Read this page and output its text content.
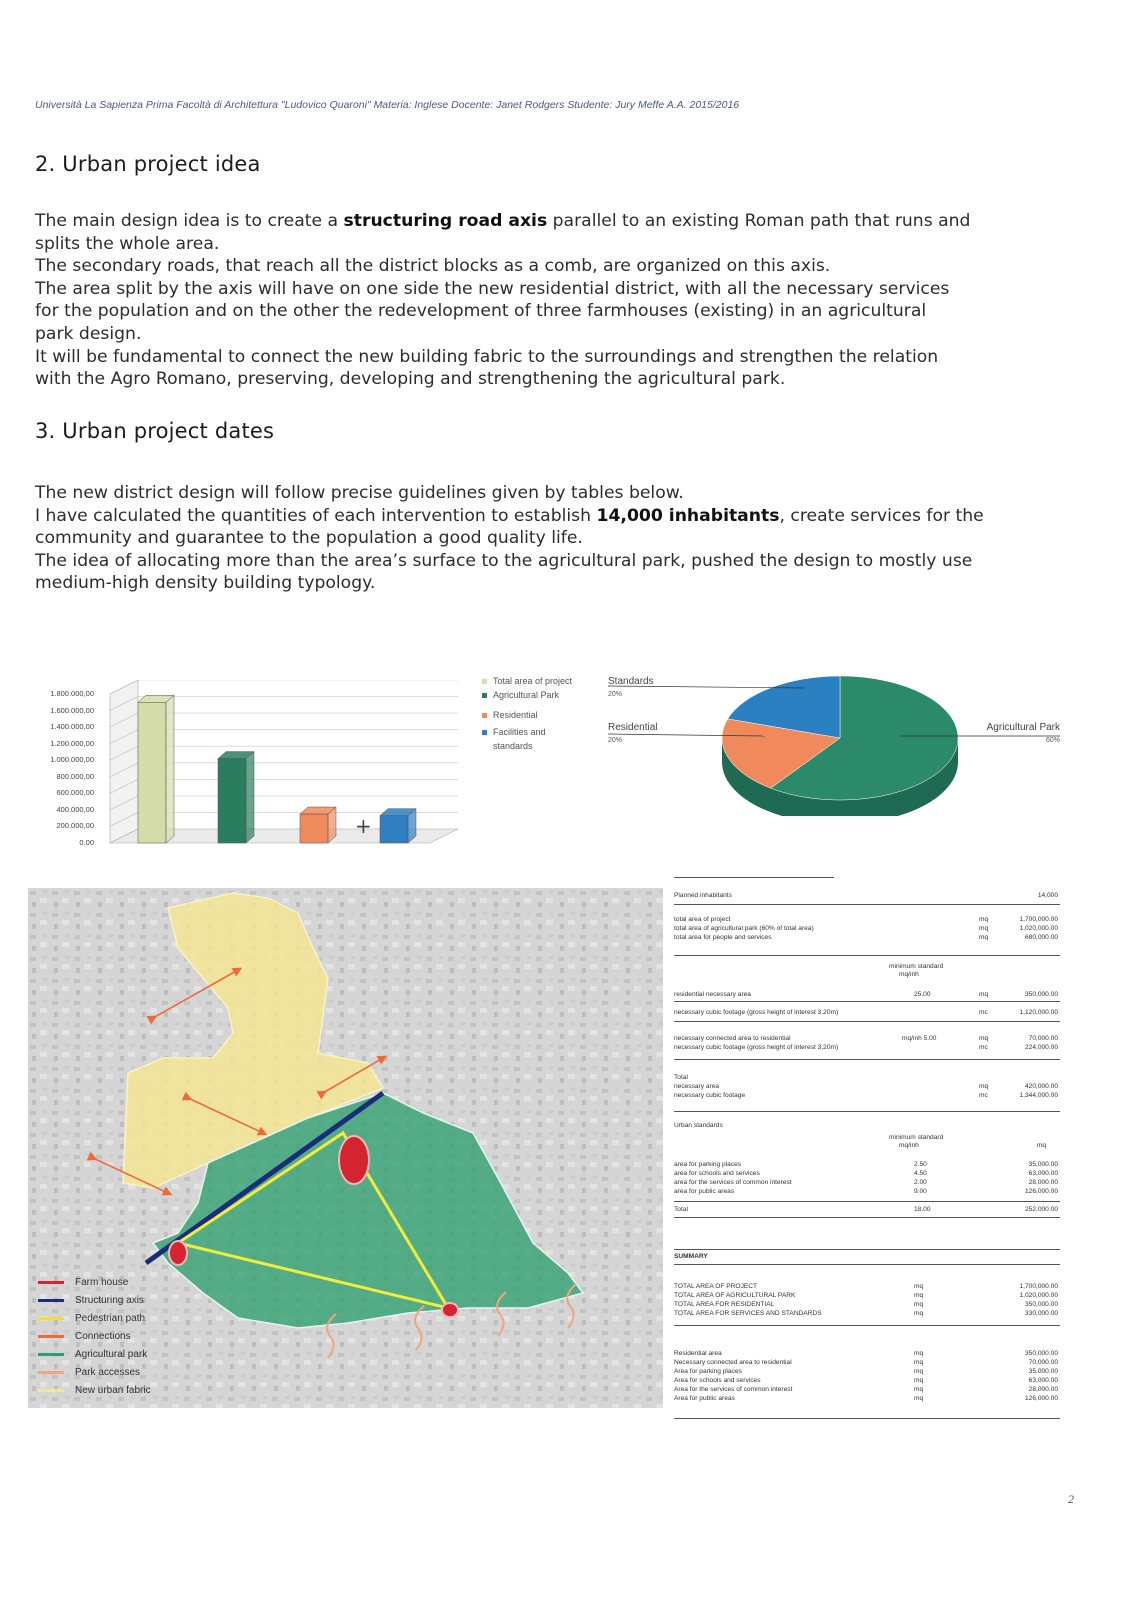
Università La Sapienza Prima Facoltà di Architettura "Ludovico Quaroni" Materia: Inglese Docente: Janet Rodgers Studente: Jury Meffe A.A. 2015/2016
2. Urban project idea

The main design idea is to create a structuring road axis parallel to an existing Roman path that runs and

splits the whole area.

The secondary roads, that reach all the district blocks as a comb, are organized on this axis.

The area split by the axis will have on one side the new residential district, with all the necessary services

for the population and on the other the redevelopment of three farmhouses (existing) in an agricultural

park design.

It will be fundamental to connect the new building fabric to the surroundings and strengthen the relation

with the Agro Romano, preserving, developing and strengthening the agricultural park.

3. Urban project dates

The new district design will follow precise guidelines given by tables below.

I have calculated the quantities of each intervention to establish 14,000 inhabitants, create services for the

community and guarantee to the population a good quality life.

The idea of allocating more than the area’s surface to the agricultural park, pushed the design to mostly use

medium-high density building typology.

+
0.00
200.000,00
400.000,00
600.000,00
800.000,00
1.000.000,00
1.200.000,00
1.400.000,00
1.600.000,00
1.800.000,00
Total area of project
Agricultural Park
Residential
Facilities and
standards
Standards
20%
Residential
20%
Agricultural Park
60%
Farm house
Structuring axis
Pedestrian path
Connections
Agricultural park
Park accesses
New urban fabric
Planned inhabitants	14,000
total area of project	mq	1,700,000.00
total area of agricultural park (60% of total area)	mq	1,020,000.00
total area for people and services	mq	680,000.00
minimum standard
mq/inh
residential necessary area	25.00	mq	350,000.00
necessary cubic footage (gross height of interest 3.20m)	mc	1,120,000.00
necessary connected area to residential	mq/inh 5.00	mq	70,000.00
necessary cubic footage (gross height of interest 3,20m)	mc	224,000.00
Total
necessary area	mq	420,000.00
necessary cubic footage	mc	1,344,000.00
Urban standards
minimum standard
mq/inh	mq
area for parking places	2.50	35,000.00
area for schools and services	4.50	63,000.00
area for the services of common interest	2.00	28,000.00
area for public areas	9.00	126,000.00
Total	18.00	252,000.00
SUMMARY
TOTAL AREA OF PROJECT	mq	1,700,000.00
TOTAL AREA OF AGRICULTURAL PARK	mq	1,020,000.00
TOTAL AREA FOR RESIDENTIAL	mq	350,000.00
TOTAL AREA FOR SERVICES AND STANDARDS	mq	330,000.00
Residential area	mq	350,000.00
Necessary connected area to residential	mq	70,000.00
Area for parking places	mq	35,000.00
Area for schools and services	mq	63,000.00
Area for the services of common interest	mq	28,000.00
Area for public areas	mq	126,000.00
2
